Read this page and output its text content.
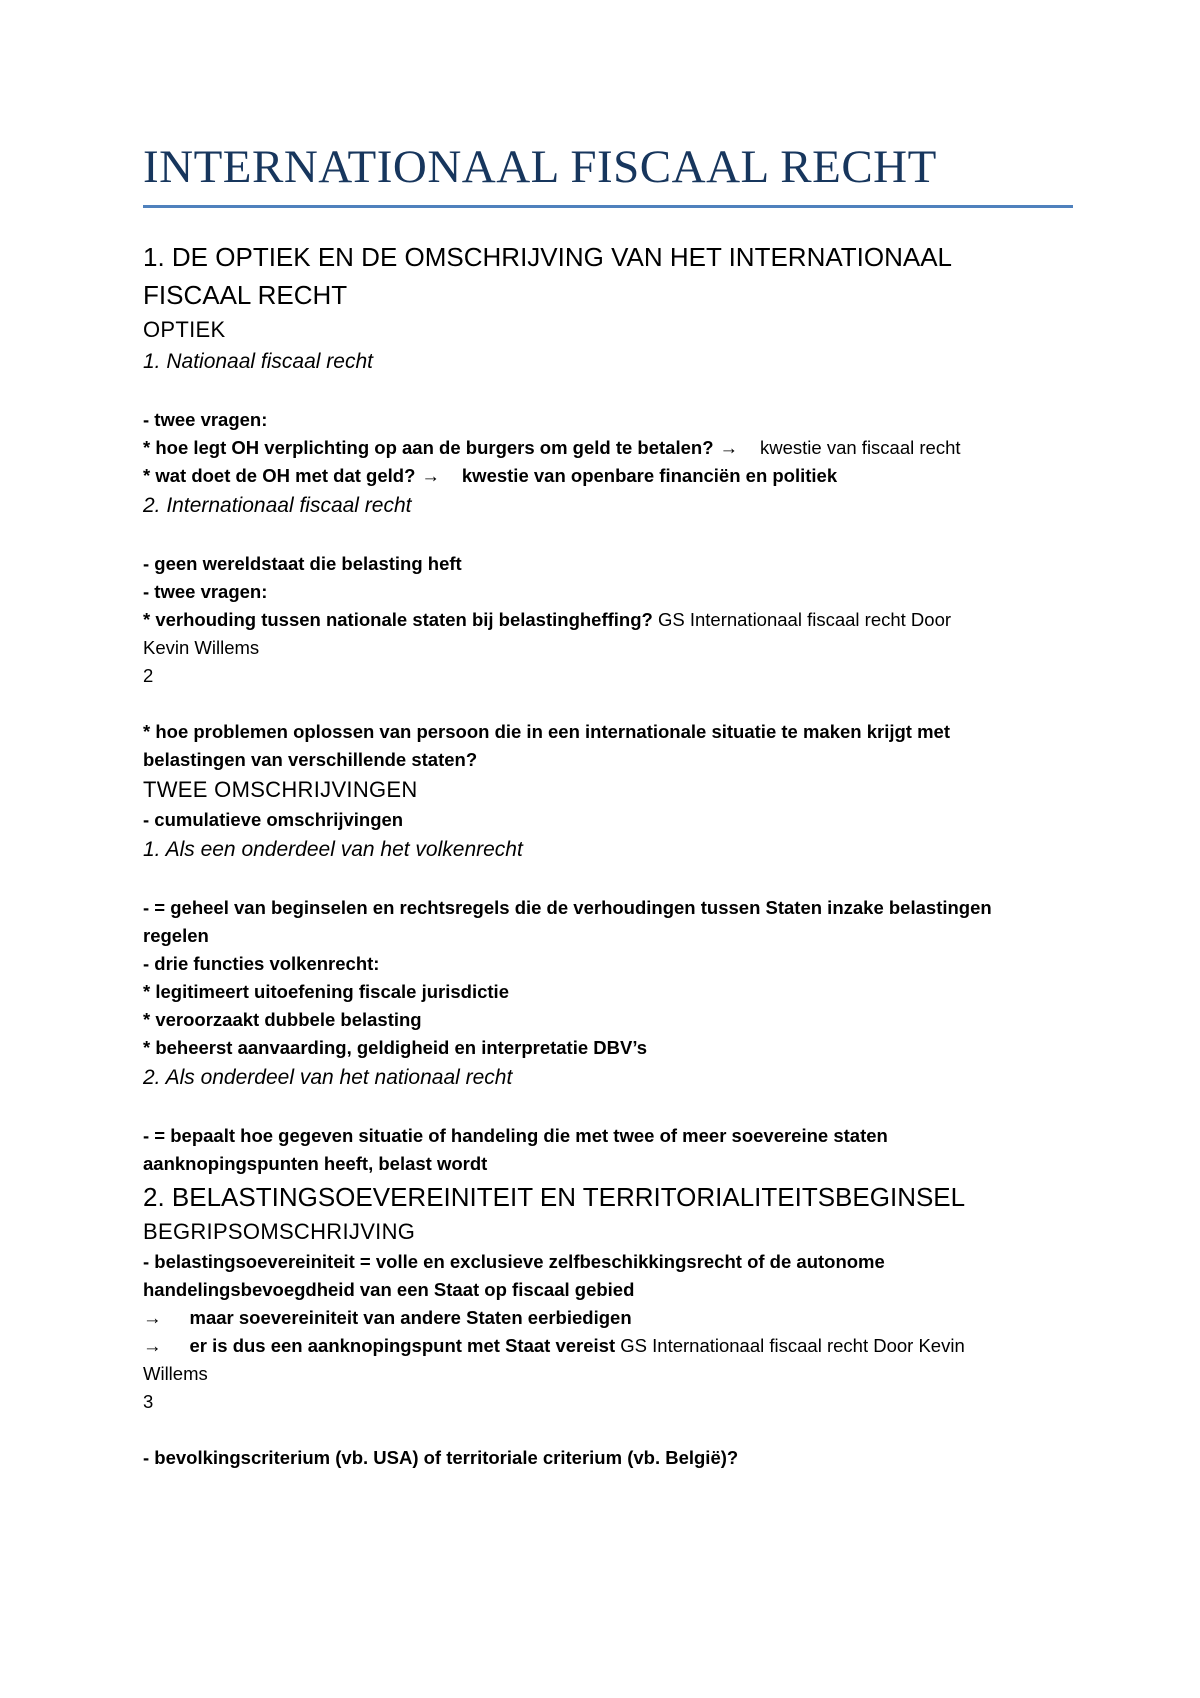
INTERNATIONAAL FISCAAL RECHT

1. DE OPTIEK EN DE OMSCHRIJVING VAN HET INTERNATIONAAL

FISCAAL RECHT

OPTIEK

1. Nationaal fiscaal recht

- twee vragen:

* hoe legt OH verplichting op aan de burgers om geld te betalen? → kwestie van fiscaal recht

* wat doet de OH met dat geld? → kwestie van openbare financiën en politiek

2. Internationaal fiscaal recht

- geen wereldstaat die belasting heft

- twee vragen:

* verhouding tussen nationale staten bij belastingheffing? GS Internationaal fiscaal recht Door

Kevin Willems

2

* hoe problemen oplossen van persoon die in een internationale situatie te maken krijgt met

belastingen van verschillende staten?

TWEE OMSCHRIJVINGEN

- cumulatieve omschrijvingen

1. Als een onderdeel van het volkenrecht

- = geheel van beginselen en rechtsregels die de verhoudingen tussen Staten inzake belastingen

regelen

- drie functies volkenrecht:

* legitimeert uitoefening fiscale jurisdictie

* veroorzaakt dubbele belasting

* beheerst aanvaarding, geldigheid en interpretatie DBV’s

2. Als onderdeel van het nationaal recht

- = bepaalt hoe gegeven situatie of handeling die met twee of meer soevereine staten

aanknopingspunten heeft, belast wordt

2. BELASTINGSOEVEREINITEIT EN TERRITORIALITEITSBEGINSEL

BEGRIPSOMSCHRIJVING

- belastingsoevereiniteit = volle en exclusieve zelfbeschikkingsrecht of de autonome

handelingsbevoegdheid van een Staat op fiscaal gebied

→ maar soevereiniteit van andere Staten eerbiedigen

→ er is dus een aanknopingspunt met Staat vereist GS Internationaal fiscaal recht Door Kevin

Willems

3

- bevolkingscriterium (vb. USA) of territoriale criterium (vb. België)?
